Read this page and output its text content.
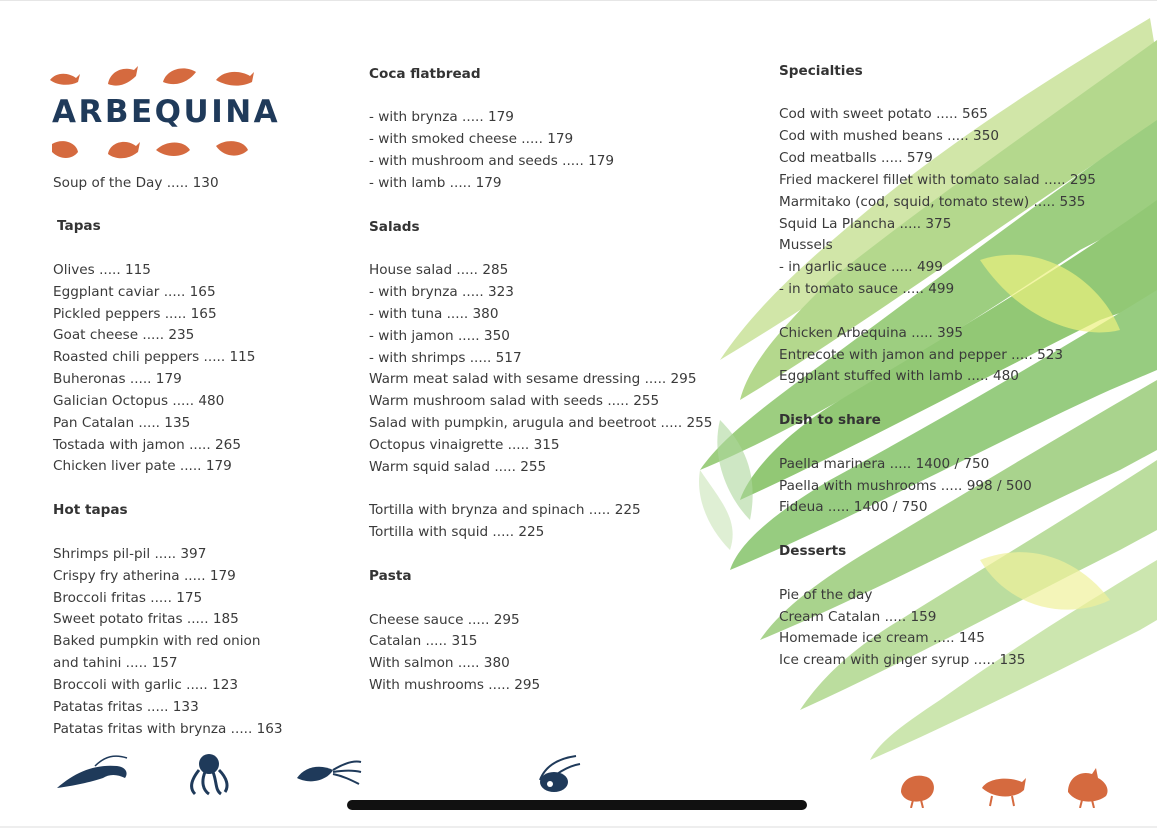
ARBEQUINA
Soup of the Day ..... 130
Tapas
Olives ..... 115
Eggplant caviar ..... 165
Pickled peppers ..... 165
Goat cheese ..... 235
Roasted chili peppers ..... 115
Buheronas ..... 179
Galician Octopus ..... 480
Pan Catalan ..... 135
Tostada with jamon ..... 265
Chicken liver pate ..... 179
Hot tapas
Shrimps pil-pil ..... 397
Crispy fry atherina ..... 179
Broccoli fritas ..... 175
Sweet potato fritas ..... 185
Baked pumpkin with red onion
and tahini ..... 157
Broccoli with garlic ..... 123
Patatas fritas ..... 133
Patatas fritas with brynza ..... 163
Coca flatbread
- with brynza ..... 179
- with smoked cheese ..... 179
- with mushroom and seeds ..... 179
- with lamb ..... 179
Salads
House salad ..... 285
- with brynza ..... 323
- with tuna ..... 380
- with jamon ..... 350
- with shrimps ..... 517
Warm meat salad with sesame dressing ..... 295
Warm mushroom salad with seeds ..... 255
Salad with pumpkin, arugula and beetroot ..... 255
Octopus vinaigrette ..... 315
Warm squid salad ..... 255
Tortilla with brynza and spinach ..... 225
Tortilla with squid ..... 225
Pasta
Cheese sauce ..... 295
Catalan ..... 315
With salmon ..... 380
With mushrooms ..... 295
Specialties
Cod with sweet potato ..... 565
Cod with mushed beans ..... 350
Cod meatballs ..... 579
Fried mackerel fillet with tomato salad ..... 295
Marmitako (cod, squid, tomato stew) ..... 535
Squid La Plancha ..... 375
Mussels
- in garlic sauce ..... 499
- in tomato sauce ..... 499
Chicken Arbequina ..... 395
Entrecote with jamon and pepper ..... 523
Eggplant stuffed with lamb ..... 480
Dish to share
Paella marinera ..... 1400 / 750
Paella with mushrooms ..... 998 / 500
Fideua ..... 1400 / 750
Desserts
Pie of the day
Cream Catalan ..... 159
Homemade ice cream ..... 145
Ice cream with ginger syrup ..... 135
